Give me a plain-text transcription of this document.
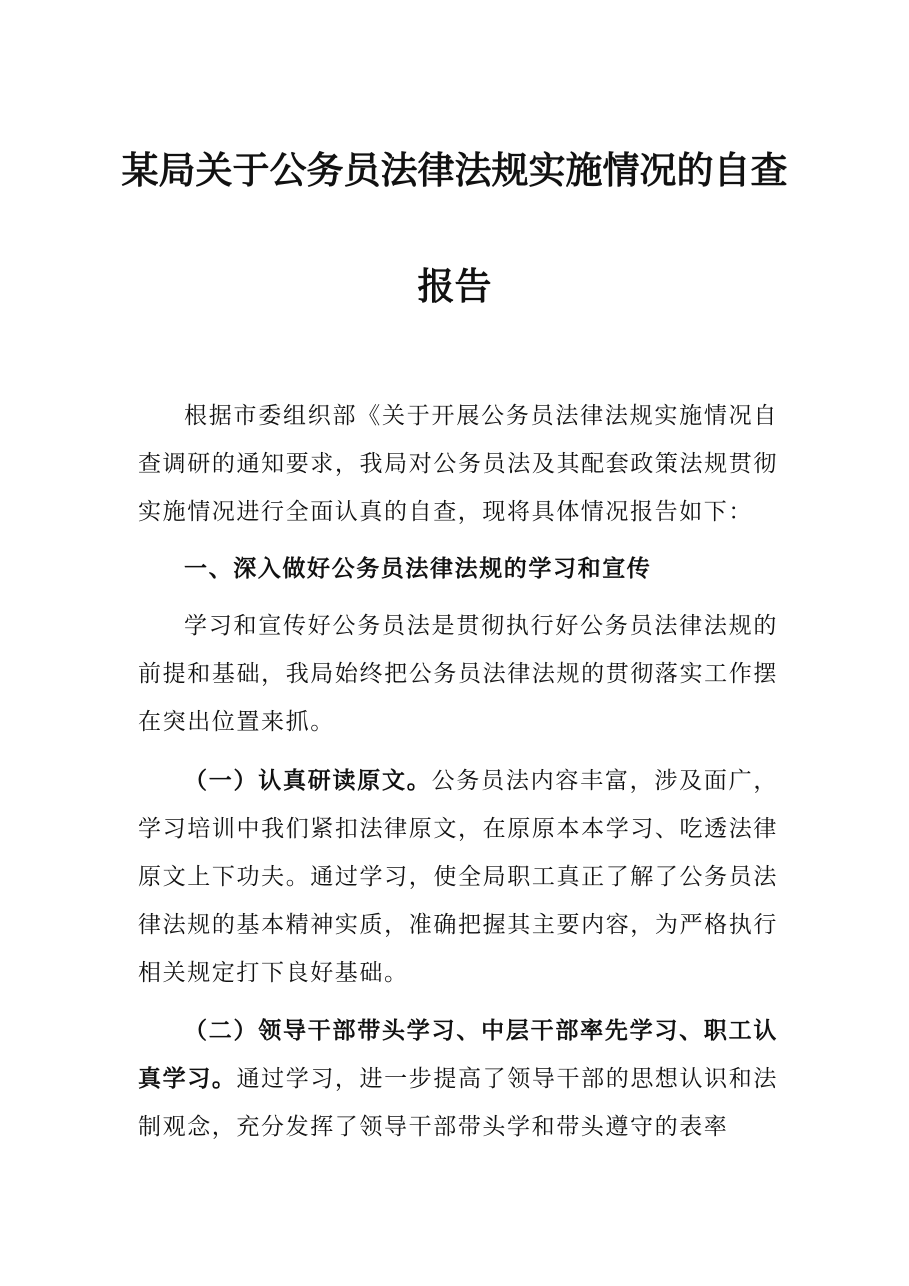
某局关于公务员法律法规实施情况的自查
报告

根据市委组织部《关于开展公务员法律法规实施情况自查调研的通知要求，我局对公务员法及其配套政策法规贯彻实施情况进行全面认真的自查，现将具体情况报告如下：

一、深入做好公务员法律法规的学习和宣传

学习和宣传好公务员法是贯彻执行好公务员法律法规的前提和基础，我局始终把公务员法律法规的贯彻落实工作摆在突出位置来抓。

（一）认真研读原文。公务员法内容丰富，涉及面广，学习培训中我们紧扣法律原文，在原原本本学习、吃透法律原文上下功夫。通过学习，使全局职工真正了解了公务员法律法规的基本精神实质，准确把握其主要内容，为严格执行相关规定打下良好基础。

（二）领导干部带头学习、中层干部率先学习、职工认真学习。通过学习，进一步提高了领导干部的思想认识和法制观念，充分发挥了领导干部带头学和带头遵守的表率
